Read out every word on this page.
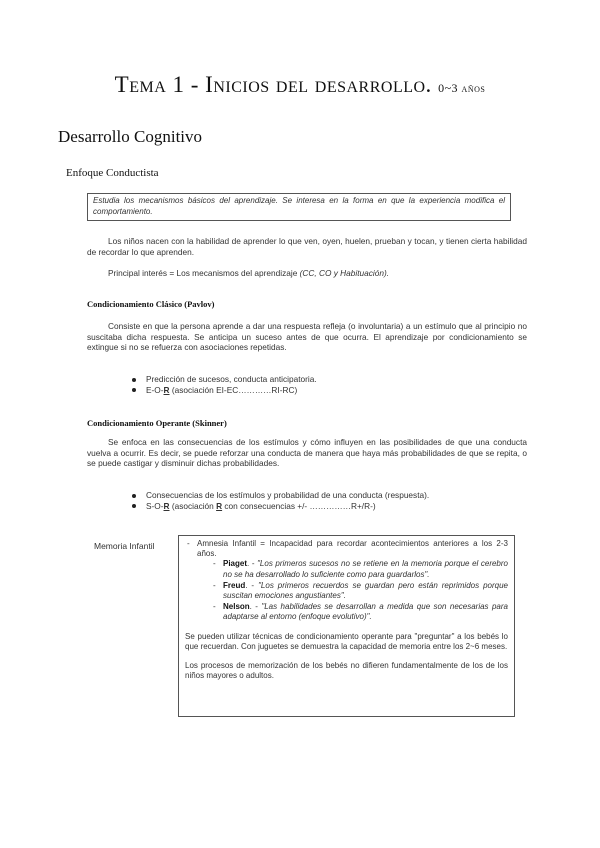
Tema 1 - Inicios del desarrollo. 0~3 años
Desarrollo Cognitivo
Enfoque Conductista
Estudia los mecanismos básicos del aprendizaje. Se interesa en la forma en que la experiencia modifica el comportamiento.
Los niños nacen con la habilidad de aprender lo que ven, oyen, huelen, prueban y tocan, y tienen cierta habilidad de recordar lo que aprenden.
Principal interés = Los mecanismos del aprendizaje (CC, CO y Habituación).
Condicionamiento Clásico (Pavlov)
Consiste en que la persona aprende a dar una respuesta refleja (o involuntaria) a un estímulo que al principio no suscitaba dicha respuesta. Se anticipa un suceso antes de que ocurra. El aprendizaje por condicionamiento se extingue si no se refuerza con asociaciones repetidas.
Predicción de sucesos, conducta anticipatoria.
E-O-R (asociación EI-EC…………RI-RC)
Condicionamiento Operante (Skinner)
Se enfoca en las consecuencias de los estímulos y cómo influyen en las posibilidades de que una conducta vuelva a ocurrir. Es decir, se puede reforzar una conducta de manera que haya más probabilidades de que se repita, o se puede castigar y disminuir dichas probabilidades.
Consecuencias de los estímulos y probabilidad de una conducta (respuesta).
S-O-R (asociación R con consecuencias +/- ……………R+/R-)
Memoria Infantil	- Amnesia Infantil = Incapacidad para recordar acontecimientos anteriores a los 2-3 años.
- Piaget. - "Los primeros sucesos no se retiene en la memoria porque el cerebro no se ha desarrollado lo suficiente como para guardarlos".
- Freud. - "Los primeros recuerdos se guardan pero están reprimidos porque suscitan emociones angustiantes".
- Nelson. - "Las habilidades se desarrollan a medida que son necesarias para adaptarse al entorno (enfoque evolutivo)".

Se pueden utilizar técnicas de condicionamiento operante para "preguntar" a los bebés lo que recuerdan. Con juguetes se demuestra la capacidad de memoria entre los 2~6 meses.

Los procesos de memorización de los bebés no difieren fundamentalmente de los de los niños mayores o adultos.
